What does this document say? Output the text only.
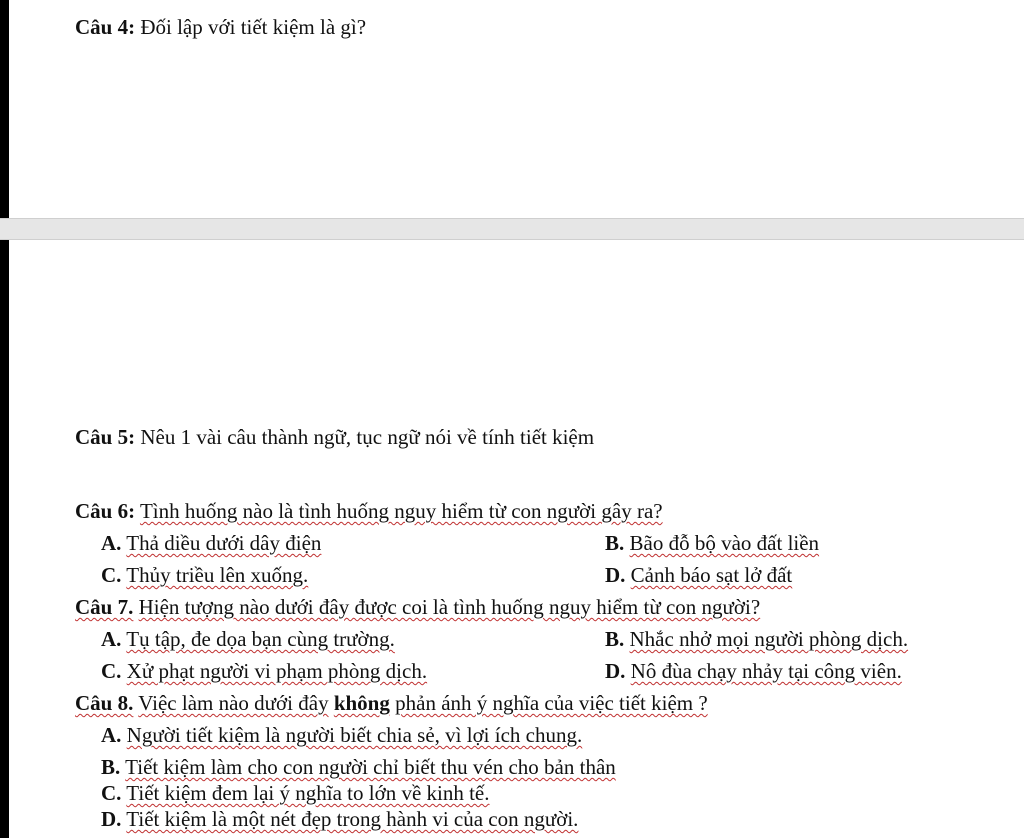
Câu 4: Đối lập với tiết kiệm là gì?
Câu 5: Nêu 1 vài câu thành ngữ, tục ngữ nói về tính tiết kiệm
Câu 6: Tình huống nào là tình huống nguy hiểm từ con người gây ra?
A. Thả diều dưới dây điện	B. Bão đỗ bộ vào đất liền
C. Thủy triều lên xuống.	D. Cảnh báo sạt lở đất
Câu 7. Hiện tượng nào dưới đây được coi là tình huống nguy hiểm từ con người?
A. Tụ tập, đe dọa bạn cùng trường.	B. Nhắc nhở mọi người phòng dịch.
C. Xử phạt người vi phạm phòng dịch.	D. Nô đùa chạy nhảy tại công viên.
Câu 8. Việc làm nào dưới đây không phản ánh ý nghĩa của việc tiết kiệm ?
A. Người tiết kiệm là người biết chia sẻ, vì lợi ích chung.
B. Tiết kiệm làm cho con người chỉ biết thu vén cho bản thân
C. Tiết kiệm đem lại ý nghĩa to lớn về kinh tế.
D. Tiết kiệm là một nét đẹp trong hành vi của con người.
